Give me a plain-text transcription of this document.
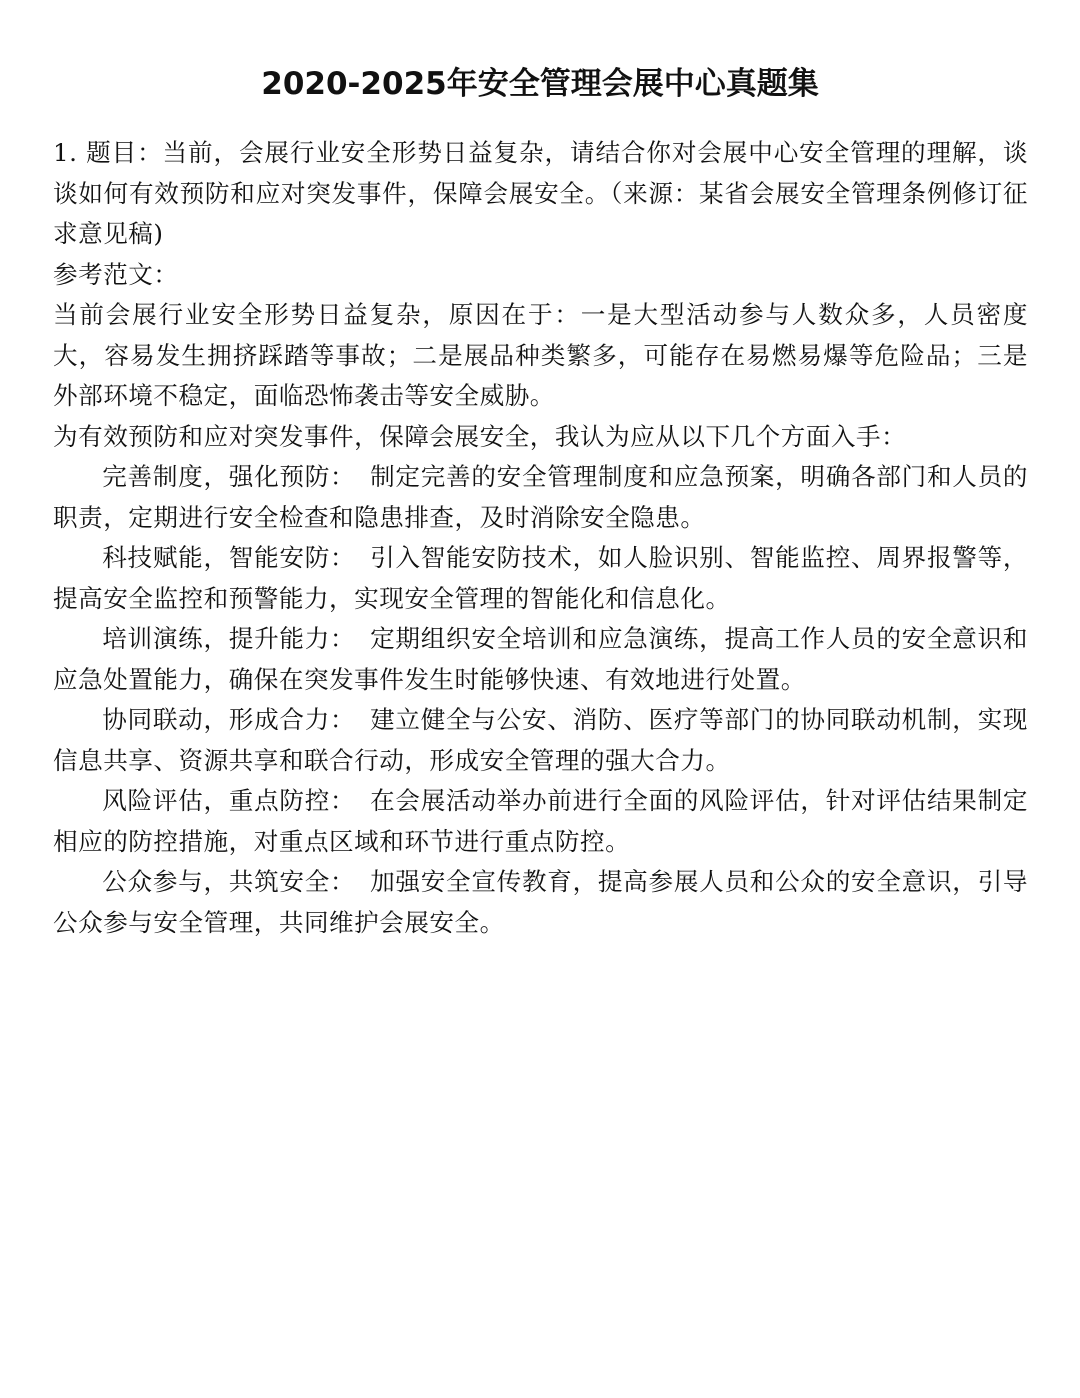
2020-2025年安全管理会展中心真题集

1. 题目：当前，会展行业安全形势日益复杂，请结合你对会展中心安全管理的理解，谈谈如何有效预防和应对突发事件，保障会展安全。（来源：某省会展安全管理条例修订征求意见稿)

参考范文：

当前会展行业安全形势日益复杂，原因在于：一是大型活动参与人数众多，人员密度大，容易发生拥挤踩踏等事故；二是展品种类繁多，可能存在易燃易爆等危险品；三是外部环境不稳定，面临恐怖袭击等安全威胁。

为有效预防和应对突发事件，保障会展安全，我认为应从以下几个方面入手：

完善制度，强化预防： 制定完善的安全管理制度和应急预案，明确各部门和人员的职责，定期进行安全检查和隐患排查，及时消除安全隐患。

科技赋能，智能安防： 引入智能安防技术，如人脸识别、智能监控、周界报警等，提高安全监控和预警能力，实现安全管理的智能化和信息化。

培训演练，提升能力： 定期组织安全培训和应急演练，提高工作人员的安全意识和应急处置能力，确保在突发事件发生时能够快速、有效地进行处置。

协同联动，形成合力： 建立健全与公安、消防、医疗等部门的协同联动机制，实现信息共享、资源共享和联合行动，形成安全管理的强大合力。

风险评估，重点防控： 在会展活动举办前进行全面的风险评估，针对评估结果制定相应的防控措施，对重点区域和环节进行重点防控。

公众参与，共筑安全： 加强安全宣传教育，提高参展人员和公众的安全意识，引导公众参与安全管理，共同维护会展安全。
